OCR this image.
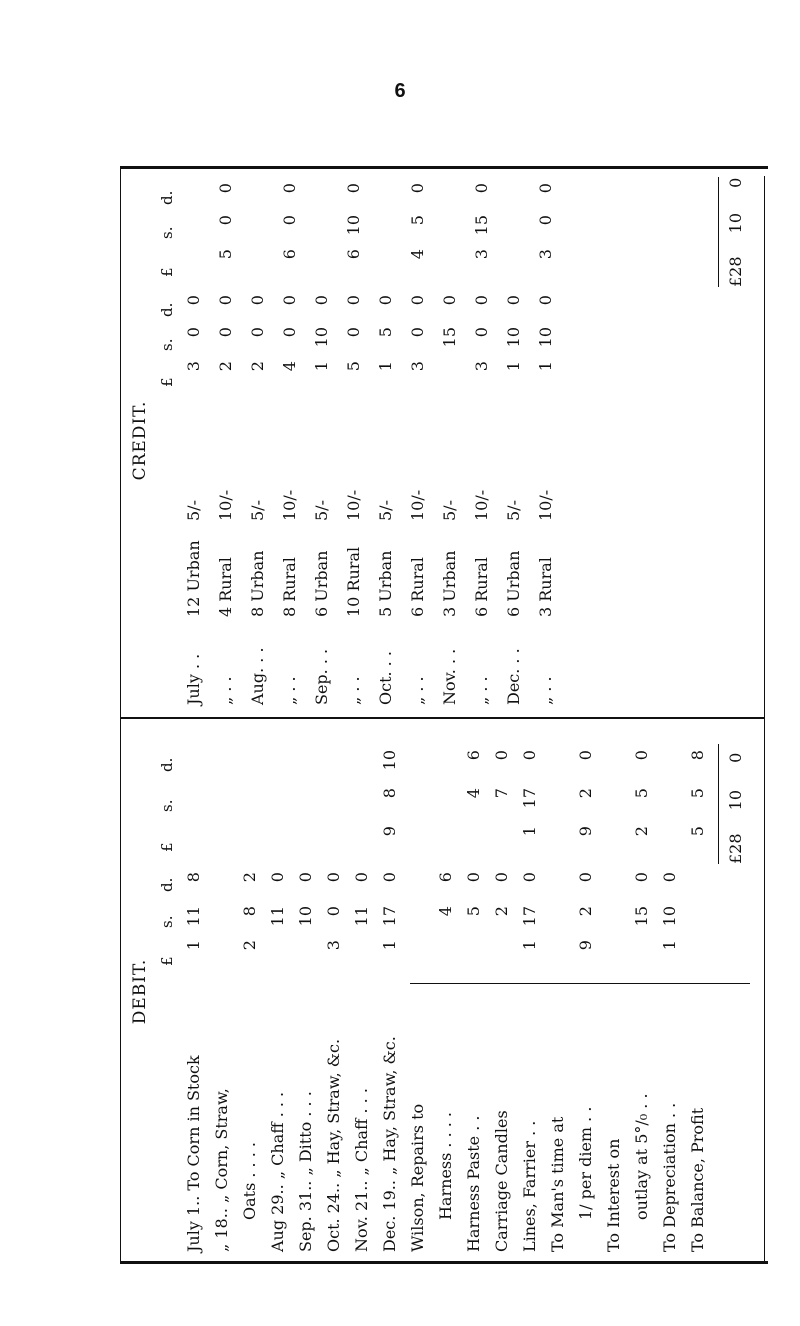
6
DEBIT. £
s.
d.
£
s.
d.
July 1.. To Corn in Stock
1
11
8
„ 18.. „ Corn, Straw, Oats . . . .
2
8
2
Aug 29.. „ Chaff . . .
11
0
Sep. 31.. „ Ditto . . .
10
0
Oct. 24.. „ Hay, Straw, &c.
3
0
0
Nov. 21.. „ Chaff . . .
11
0
Dec. 19.. „ Hay, Straw, &c.
1
17
0
9
8
10
Wilson, Repairs to Harness . . . .
4
6
Harness Paste . .
5
0
4
6
Carriage Candles
2
0
7
0
Lines, Farrier . .
1
17
0
1
17
0
To Man's time at 1/ per diem . .
9
2
0
9
2
0
To Interest on outlay at 5°/₀ . .
15
0
2
5
0
To Depreciation . .
1
10
0
To Balance, Profit
5
5
8
£28 10 0
CREDIT.
£
s.
d.
£
s.
d.
July . .
12 Urban
5/-
3
0
0
„ . .
4 Rural
10/-
2
0
0
5
0
0
Aug. . .
8 Urban
5/-
2
0
0
„ . .
8 Rural
10/-
4
0
0
6
0
0
Sep. . .
6 Urban
5/-
1
10
0
„ . .
10 Rural
10/-
5
0
0
6
10
0
Oct. . .
5 Urban
5/-
1
5
0
„ . .
6 Rural
10/-
3
0
0
4
5
0
Nov. . .
3 Urban
5/-
15
0
„ . .
6 Rural
10/-
3
0
0
3
15
0
Dec. . .
6 Urban
5/-
1
10
0
„ . .
3 Rural
10/-
1
10
0
3
0
0
£28 10 0
